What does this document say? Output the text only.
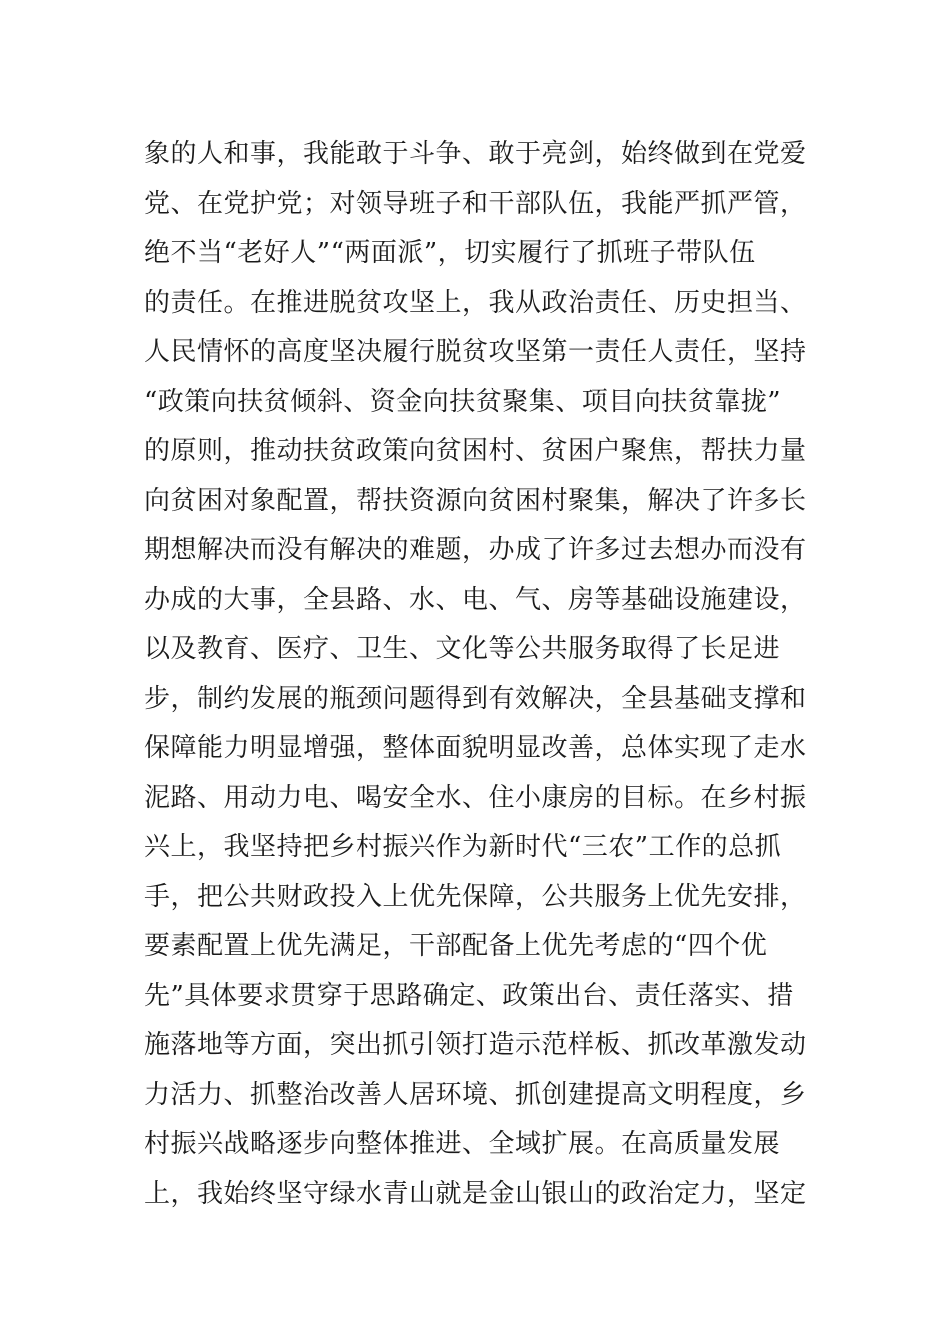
象的人和事，我能敢于斗争、敢于亮剑，始终做到在党爱
党、在党护党；对领导班子和干部队伍，我能严抓严管，
绝不当“老好人”“两面派”，切实履行了抓班子带队伍
的责任。在推进脱贫攻坚上，我从政治责任、历史担当、
人民情怀的高度坚决履行脱贫攻坚第一责任人责任，坚持
“政策向扶贫倾斜、资金向扶贫聚集、项目向扶贫靠拢”
的原则，推动扶贫政策向贫困村、贫困户聚焦，帮扶力量
向贫困对象配置，帮扶资源向贫困村聚集，解决了许多长
期想解决而没有解决的难题，办成了许多过去想办而没有
办成的大事，全县路、水、电、气、房等基础设施建设，
以及教育、医疗、卫生、文化等公共服务取得了长足进
步，制约发展的瓶颈问题得到有效解决，全县基础支撑和
保障能力明显增强，整体面貌明显改善，总体实现了走水
泥路、用动力电、喝安全水、住小康房的目标。在乡村振
兴上，我坚持把乡村振兴作为新时代“三农”工作的总抓
手，把公共财政投入上优先保障，公共服务上优先安排，
要素配置上优先满足，干部配备上优先考虑的“四个优
先”具体要求贯穿于思路确定、政策出台、责任落实、措
施落地等方面，突出抓引领打造示范样板、抓改革激发动
力活力、抓整治改善人居环境、抓创建提高文明程度，乡
村振兴战略逐步向整体推进、全域扩展。在高质量发展
上，我始终坚守绿水青山就是金山银山的政治定力，坚定
